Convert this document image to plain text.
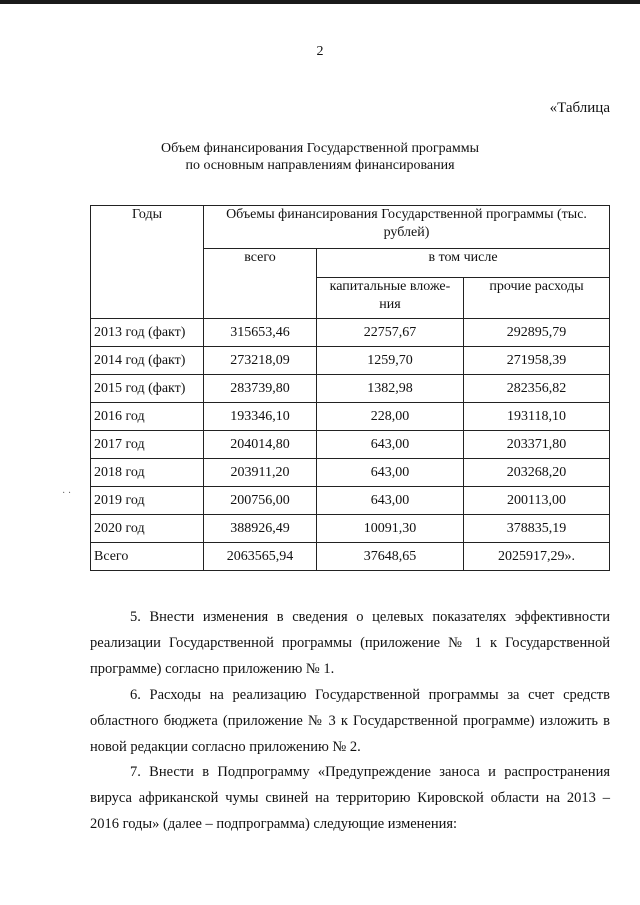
2
«Таблица
Объем финансирования Государственной программы
по основным направлениям финансирования
· ·
Годы	Объемы финансирования Государственной программы (тыс. рублей)		
	всего	в том числе	
		капитальные вложе-ния	прочие расходы
2013 год (факт)	315653,46	22757,67	292895,79
2014 год (факт)	273218,09	1259,70	271958,39
2015 год (факт)	283739,80	1382,98	282356,82
2016 год	193346,10	228,00	193118,10
2017 год	204014,80	643,00	203371,80
2018 год	203911,20	643,00	203268,20
2019 год	200756,00	643,00	200113,00
2020 год	388926,49	10091,30	378835,19
Всего	2063565,94	37648,65	2025917,29».

5. Внести изменения в сведения о целевых показателях эффективности реализации Государственной программы (приложение № 1 к Государственной программе) согласно приложению № 1.

6. Расходы на реализацию Государственной программы за счет средств областного бюджета (приложение № 3 к Государственной программе) изложить в новой редакции согласно приложению № 2.

7. Внести в Подпрограмму «Предупреждение заноса и распространения вируса африканской чумы свиней на территорию Кировской области на 2013 – 2016 годы» (далее – подпрограмма) следующие изменения:
